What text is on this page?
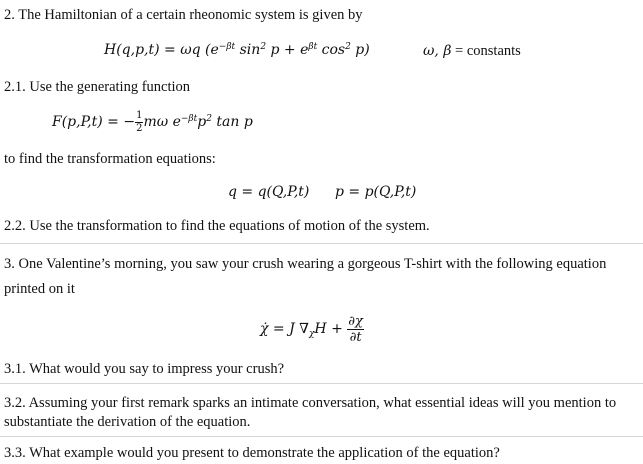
2. The Hamiltonian of a certain rheonomic system is given by
H(q,p,t) = ωq ($e^{-\beta t}$ $\sin^2 p + e^{\beta t}$ $\cos^2 p$)	ω, β = constants
2.1. Use the generating function
F(p,P,t) = − $\frac{1}{2}$ mω $e^{-\beta t}p^2$ tan p
to find the transformation equations:
q = q(Q,P,t) p = p(Q,P,t)
2.2. Use the transformation to find the equations of motion of the system.
3. One Valentine’s morning, you saw your crush wearing a gorgeous T-shirt with the following equation
printed on it
χ̇ = J $\nabla_\chi H + \frac{\partial\chi}{\partial t}$
3.1. What would you say to impress your crush?
3.2. Assuming your first remark sparks an intimate conversation, what essential ideas will you mention to
substantiate the derivation of the equation.
3.3. What example would you present to demonstrate the application of the equation?
